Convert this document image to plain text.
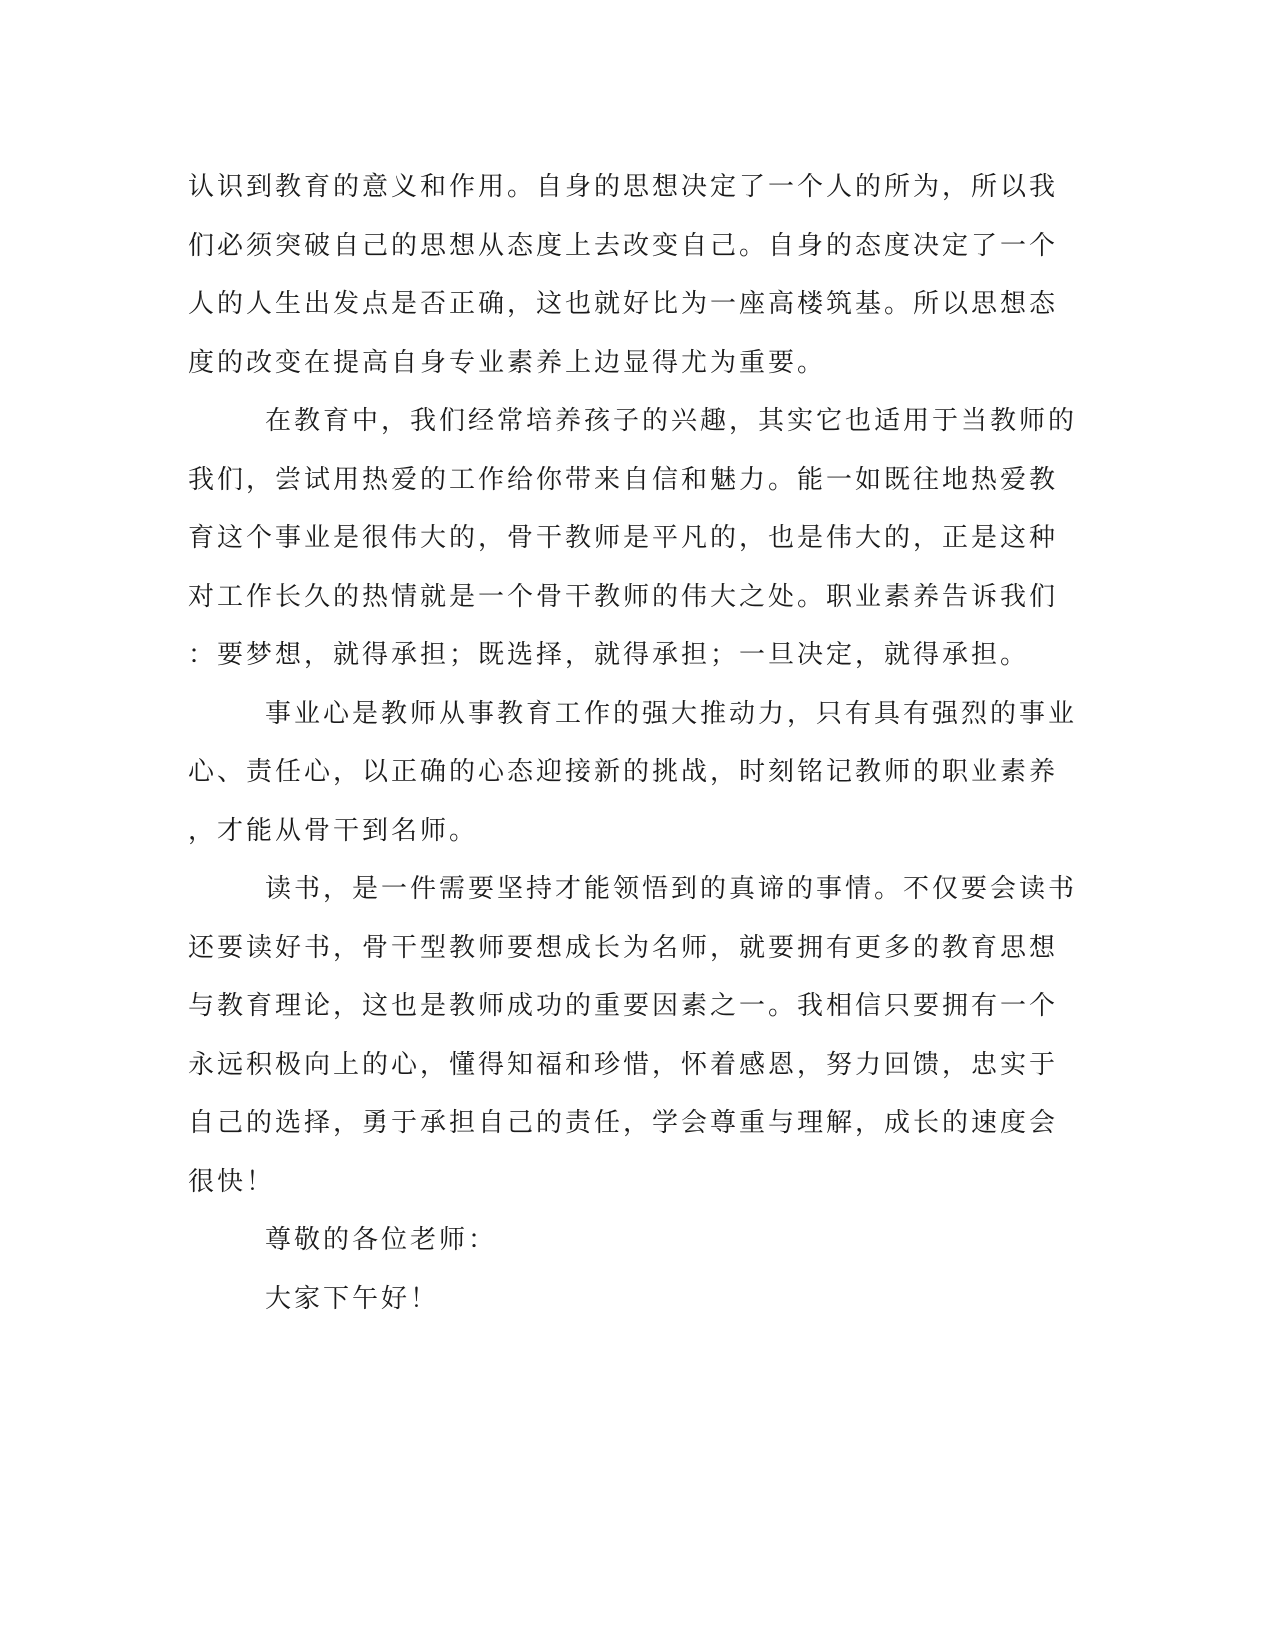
认识到教育的意义和作用。自身的思想决定了一个人的所为，所以我
们必须突破自己的思想从态度上去改变自己。自身的态度决定了一个
人的人生出发点是否正确，这也就好比为一座高楼筑基。所以思想态
度的改变在提高自身专业素养上边显得尤为重要。
在教育中，我们经常培养孩子的兴趣，其实它也适用于当教师的
我们，尝试用热爱的工作给你带来自信和魅力。能一如既往地热爱教
育这个事业是很伟大的，骨干教师是平凡的，也是伟大的，正是这种
对工作长久的热情就是一个骨干教师的伟大之处。职业素养告诉我们
：要梦想，就得承担；既选择，就得承担；一旦决定，就得承担。
事业心是教师从事教育工作的强大推动力，只有具有强烈的事业
心、责任心，以正确的心态迎接新的挑战，时刻铭记教师的职业素养
，才能从骨干到名师。
读书，是一件需要坚持才能领悟到的真谛的事情。不仅要会读书
还要读好书，骨干型教师要想成长为名师，就要拥有更多的教育思想
与教育理论，这也是教师成功的重要因素之一。我相信只要拥有一个
永远积极向上的心，懂得知福和珍惜，怀着感恩，努力回馈，忠实于
自己的选择，勇于承担自己的责任，学会尊重与理解，成长的速度会
很快！
尊敬的各位老师：
大家下午好！
